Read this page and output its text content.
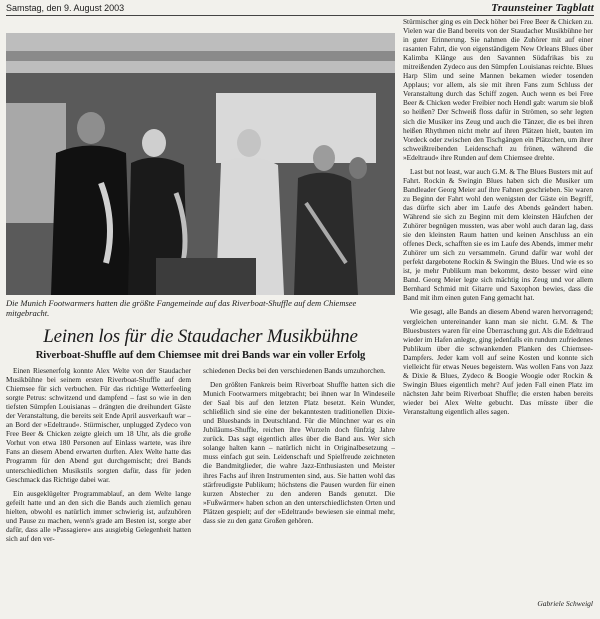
Samstag, den 9. August 2003	Traunsteiner Tagblatt
Die Munich Footwarmers hatten die größte Fangemeinde auf das Riverboat-Shuffle auf dem Chiemsee mitgebracht.
Leinen los für die Staudacher Musikbühne
Riverboat-Shuffle auf dem Chiemsee mit drei Bands war ein voller Erfolg

Einen Riesenerfolg konnte Alex Welte von der Staudacher Musikbühne bei seinem ersten Riverboat-Shuffle auf dem Chiemsee für sich verbuchen. Für das richtige Wetterfeeling sorgte Petrus: schwitzend und dampfend – fast so wie in den tiefsten Sümpfen Louisianas – drängten die dreihundert Gäste der Veranstaltung, die bereits seit Ende April ausverkauft war – an Bord der »Edeltraud«. Stürmischer, unplugged Zydeco von Free Beer & Chicken zeigte gleich um 18 Uhr, als die große Vorhut von etwa 180 Personen auf Einlass wartete, was ihre Fans an diesem Abend erwarten durften. Alex Welte hatte das Programm für den Abend gut durchgemischt; drei Bands unterschiedlichen Musikstils sorgten dafür, dass für jeden Geschmack das Richtige dabei war.

Ein ausgeklügelter Programmablauf, an dem Welte lange gefeilt hatte und an den sich die Bands auch ziemlich genau hielten, obwohl es natürlich immer schwierig ist, aufzuhören und Pause zu machen, wenn's grade am Besten ist, sorgte aber dafür, dass alle »Passagiere« aus ausgiebig Gelegenheit hatten sich auf den ver-

schiedenen Decks bei den verschiedenen Bands umzuhorchen.

Den größten Fankreis beim Riverboat Shuffle hatten sich die Munich Footwarmers mitgebracht; bei ihnen war In Windeseile der Saal bis auf den letzten Platz besetzt. Kein Wunder, schließlich sind sie eine der bekanntesten traditionellen Dixie- und Bluesbands in Deutschland. Für die Münchner war es ein Jubiläums-Shuffle, reichen ihre Wurzeln doch fünfzig Jahre zurück. Das sagt eigentlich alles über die Band aus. Wer sich solange halten kann – natürlich nicht in Originalbesetzung – muss einfach gut sein. Leidenschaft und Spielfreude zeichneten die Bandmitglieder, die wahre Jazz-Enthusiasten und Meister ihres Fachs auf ihren Instrumenten sind, aus. Sie hatten wohl das stärfreudigste Publikum; höchstens die Pausen wurden für einen kurzen Abstecher zu den anderen Bands genutzt. Die »Fußwärmer« haben schon an den unterschiedlichsten Orten und Plätzen gespielt; auf der »Edeltraud« bewiesen sie einmal mehr, dass sie zu den ganz Großen gehören.

Stürmischer ging es ein Deck höher bei Free Beer & Chicken zu. Vielen war die Band bereits von der Staudacher Musikbühne her in guter Erinnerung. Sie nahmen die Zuhörer mit auf einer rasanten Fahrt, die von eigenständigem New Orleans Blues über Kalimba Klänge aus den Savannen Südafrikas bis zu mitreißenden Zydeco aus den Sümpfen Louisianas reichte. Blues Harp Slim und seine Mannen bekamen wieder tosenden Applaus; vor allem, als sie mit ihren Fans zum Schluss der Veranstaltung durch das Schiff zogen. Auch wenn es bei Free Beer & Chicken weder Freibier noch Hendl gab: warum sie bloß so heißen? Der Schweiß floss dafür in Strömen, so sehr legten sich die Musiker ins Zeug und auch die Tänzer, die es bei ihren heißen Rhythmen nicht mehr auf ihren Plätzen hielt, bauten im Vordeck oder zwischen den Tischgängen ein Plätzchen, um ihrer schweißtreibenden Leidenschaft zu frönen, während die »Edeltraud« ihre Runden auf dem Chiemsee drehte.

Last but not least, war auch G.M. & The Blues Busters mit auf Fahrt. Rockin & Swingin Blues haben sich die Musiker um Bandleader Georg Meier auf ihre Fahnen geschrieben. Sie waren zu Beginn der Fahrt wohl den wenigsten der Gäste ein Begriff, das dürfte sich aber im Laufe des Abends geändert haben. Während sie sich zu Beginn mit dem kleinsten Häufchen der Zuhörer begnügen mussten, was aber wohl auch daran lag, dass sie den kleinsten Raum hatten und keinen Anschluss an ein offenes Deck, schafften sie es im Laufe des Abends, immer mehr Zuhörer um sich zu versammeln. Grund dafür war wohl der perfekt dargebotene Rockin & Swingin the Blues. Und wie es so ist, je mehr Publikum man bekommt, desto besser wird eine Band. Georg Meier legte sich mächtig ins Zeug und vor allem Bernhard Schmid mit Gitarre und Saxophon bewies, dass die Band mit ihm einen guten Fang gemacht hat.

Wie gesagt, alle Bands an diesem Abend waren hervorragend; vergleichen untereinander kann man sie nicht. G.M. & The Bluesbusters waren für eine Überraschung gut. Als die Edeltraud wieder im Hafen anlegte, ging jedenfalls ein rundum zufriedenes Publikum über die schwankenden Planken des Chiemsee-Dampfers. Jeder kam voll auf seine Kosten und konnte sich vielleicht für etwas Neues begeistern. Was wollen Fans von Jazz & Dixie & Blues, Zydeco & Boogie Woogie oder Rockin & Swingin Blues eigentlich mehr? Auf jeden Fall einen Platz im nächsten Jahr beim Riverboat Shuffle; die ersten haben bereits wieder bei Alex Welte gebucht. Das müsste über die Veranstaltung eigentlich alles sagen.

Gabriele Schweigl
